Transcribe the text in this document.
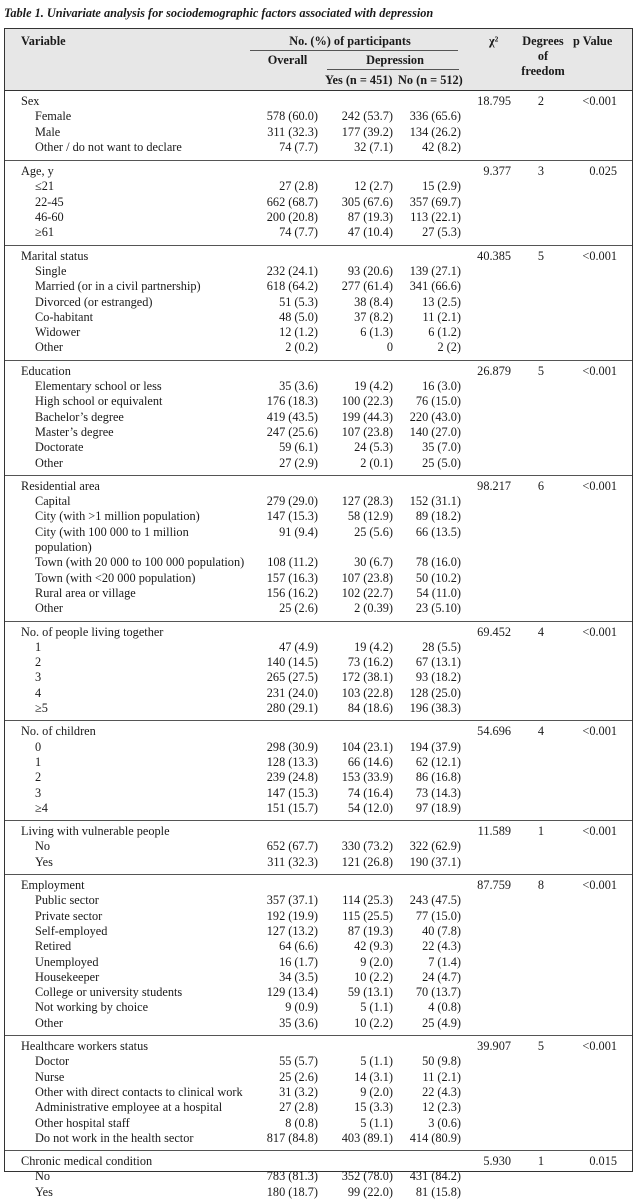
Table 1. Univariate analysis for sociodemographic factors associated with depression
Variable	No. (%) of participants
Overall	Depression
Yes (n = 451) No (n = 512)
χ²	Degrees
of
freedom
p Value
Sex	18.795	2	<0.001
Female	578 (60.0)	242 (53.7)	336 (65.6)
Male	311 (32.3)	177 (39.2)	134 (26.2)
Other / do not want to declare	74 (7.7)	32 (7.1)	42 (8.2)
Age, y	9.377	3	0.025
≤21	27 (2.8)	12 (2.7)	15 (2.9)
22-45	662 (68.7)	305 (67.6)	357 (69.7)
46-60	200 (20.8)	87 (19.3)	113 (22.1)
≥61	74 (7.7)	47 (10.4)	27 (5.3)
Marital status	40.385	5	<0.001
Single	232 (24.1)	93 (20.6)	139 (27.1)
Married (or in a civil partnership)	618 (64.2)	277 (61.4)	341 (66.6)
Divorced (or estranged)	51 (5.3)	38 (8.4)	13 (2.5)
Co-habitant	48 (5.0)	37 (8.2)	11 (2.1)
Widower	12 (1.2)	6 (1.3)	6 (1.2)
Other	2 (0.2)	0	2 (2)
Education	26.879	5	<0.001
Elementary school or less	35 (3.6)	19 (4.2)	16 (3.0)
High school or equivalent	176 (18.3)	100 (22.3)	76 (15.0)
Bachelor’s degree	419 (43.5)	199 (44.3)	220 (43.0)
Master’s degree	247 (25.6)	107 (23.8)	140 (27.0)
Doctorate	59 (6.1)	24 (5.3)	35 (7.0)
Other	27 (2.9)	2 (0.1)	25 (5.0)
Residential area	98.217	6	<0.001
Capital	279 (29.0)	127 (28.3)	152 (31.1)
City (with >1 million population)	147 (15.3)	58 (12.9)	89 (18.2)
City (with 100 000 to 1 million	91 (9.4)	25 (5.6)	66 (13.5)
population)
Town (with 20 000 to 100 000 population)	108 (11.2)	30 (6.7)	78 (16.0)
Town (with <20 000 population)	157 (16.3)	107 (23.8)	50 (10.2)
Rural area or village	156 (16.2)	102 (22.7)	54 (11.0)
Other	25 (2.6)	2 (0.39)	23 (5.10)
No. of people living together	69.452	4	<0.001
1	47 (4.9)	19 (4.2)	28 (5.5)
2	140 (14.5)	73 (16.2)	67 (13.1)
3	265 (27.5)	172 (38.1)	93 (18.2)
4	231 (24.0)	103 (22.8)	128 (25.0)
≥5	280 (29.1)	84 (18.6)	196 (38.3)
No. of children	54.696	4	<0.001
0	298 (30.9)	104 (23.1)	194 (37.9)
1	128 (13.3)	66 (14.6)	62 (12.1)
2	239 (24.8)	153 (33.9)	86 (16.8)
3	147 (15.3)	74 (16.4)	73 (14.3)
≥4	151 (15.7)	54 (12.0)	97 (18.9)
Living with vulnerable people	11.589	1	<0.001
No	652 (67.7)	330 (73.2)	322 (62.9)
Yes	311 (32.3)	121 (26.8)	190 (37.1)
Employment	87.759	8	<0.001
Public sector	357 (37.1)	114 (25.3)	243 (47.5)
Private sector	192 (19.9)	115 (25.5)	77 (15.0)
Self-employed	127 (13.2)	87 (19.3)	40 (7.8)
Retired	64 (6.6)	42 (9.3)	22 (4.3)
Unemployed	16 (1.7)	9 (2.0)	7 (1.4)
Housekeeper	34 (3.5)	10 (2.2)	24 (4.7)
College or university students	129 (13.4)	59 (13.1)	70 (13.7)
Not working by choice	9 (0.9)	5 (1.1)	4 (0.8)
Other	35 (3.6)	10 (2.2)	25 (4.9)
Healthcare workers status	39.907	5	<0.001
Doctor	55 (5.7)	5 (1.1)	50 (9.8)
Nurse	25 (2.6)	14 (3.1)	11 (2.1)
Other with direct contacts to clinical work	31 (3.2)	9 (2.0)	22 (4.3)
Administrative employee at a hospital	27 (2.8)	15 (3.3)	12 (2.3)
Other hospital staff	8 (0.8)	5 (1.1)	3 (0.6)
Do not work in the health sector	817 (84.8)	403 (89.1)	414 (80.9)
Chronic medical condition	5.930	1	0.015
No	783 (81.3)	352 (78.0)	431 (84.2)
Yes	180 (18.7)	99 (22.0)	81 (15.8)
